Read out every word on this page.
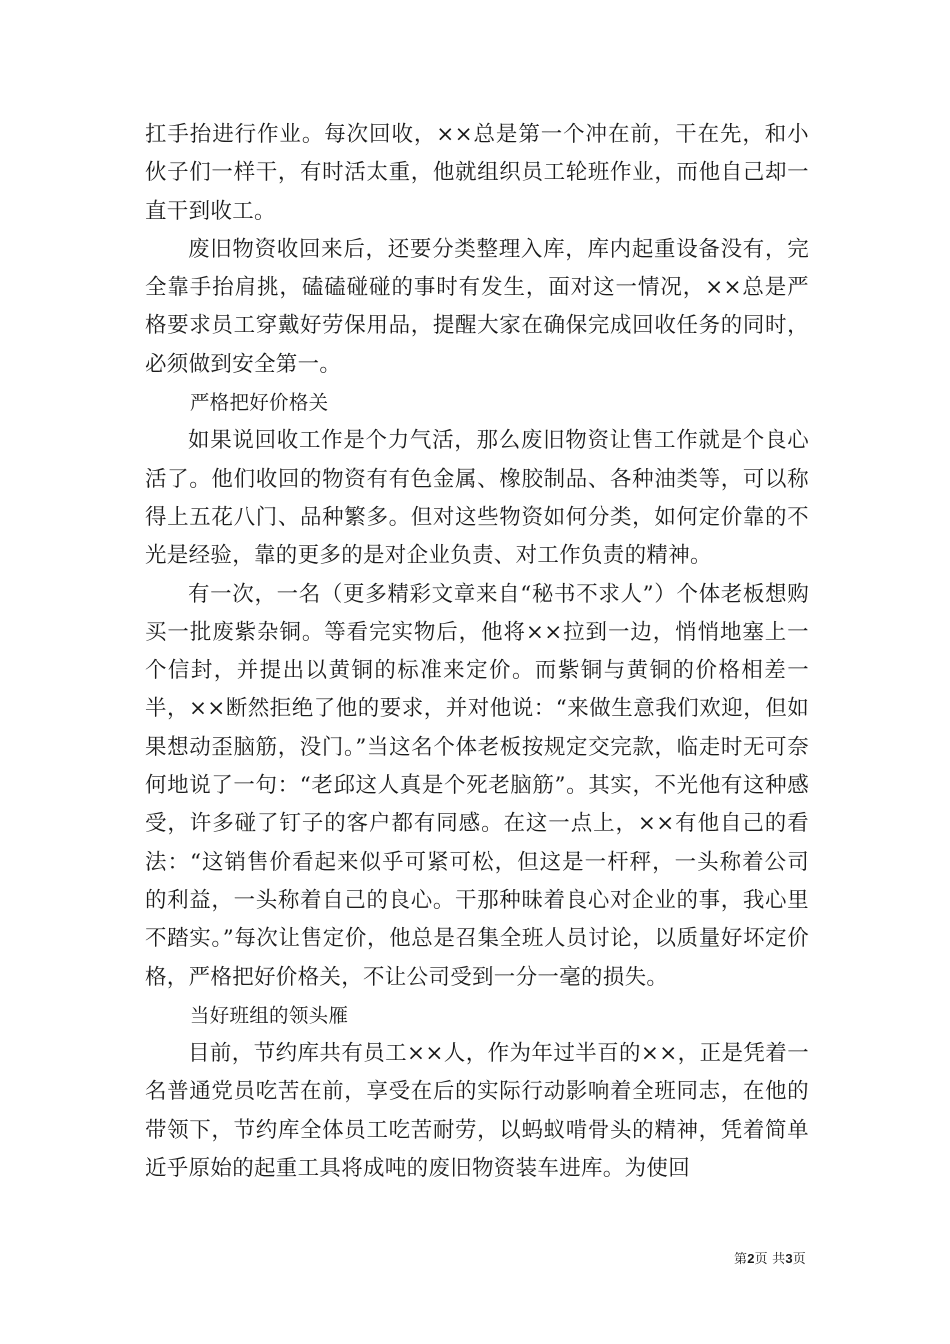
扛手抬进行作业。每次回收，××总是第一个冲在前，干在先，和小伙子们一样干，有时活太重，他就组织员工轮班作业，而他自己却一直干到收工。

废旧物资收回来后，还要分类整理入库，库内起重设备没有，完全靠手抬肩挑，磕磕碰碰的事时有发生，面对这一情况，××总是严格要求员工穿戴好劳保用品，提醒大家在确保完成回收任务的同时，必须做到安全第一。

严格把好价格关

如果说回收工作是个力气活，那么废旧物资让售工作就是个良心活了。他们收回的物资有有色金属、橡胶制品、各种油类等，可以称得上五花八门、品种繁多。但对这些物资如何分类，如何定价靠的不光是经验，靠的更多的是对企业负责、对工作负责的精神。

有一次，一名（更多精彩文章来自“秘书不求人”）个体老板想购买一批废紫杂铜。等看完实物后，他将××拉到一边，悄悄地塞上一个信封，并提出以黄铜的标准来定价。而紫铜与黄铜的价格相差一半，××断然拒绝了他的要求，并对他说：“来做生意我们欢迎，但如果想动歪脑筋，没门。”当这名个体老板按规定交完款，临走时无可奈何地说了一句：“老邱这人真是个死老脑筋”。其实，不光他有这种感受，许多碰了钉子的客户都有同感。在这一点上，××有他自己的看法：“这销售价看起来似乎可紧可松，但这是一杆秤，一头称着公司的利益，一头称着自己的良心。干那种昧着良心对企业的事，我心里不踏实。”每次让售定价，他总是召集全班人员讨论，以质量好坏定价格，严格把好价格关，不让公司受到一分一毫的损失。

当好班组的领头雁

目前，节约库共有员工××人，作为年过半百的××，正是凭着一名普通党员吃苦在前，享受在后的实际行动影响着全班同志，在他的带领下，节约库全体员工吃苦耐劳，以蚂蚁啃骨头的精神，凭着简单近乎原始的起重工具将成吨的废旧物资装车进库。为使回

第2页 共3页
